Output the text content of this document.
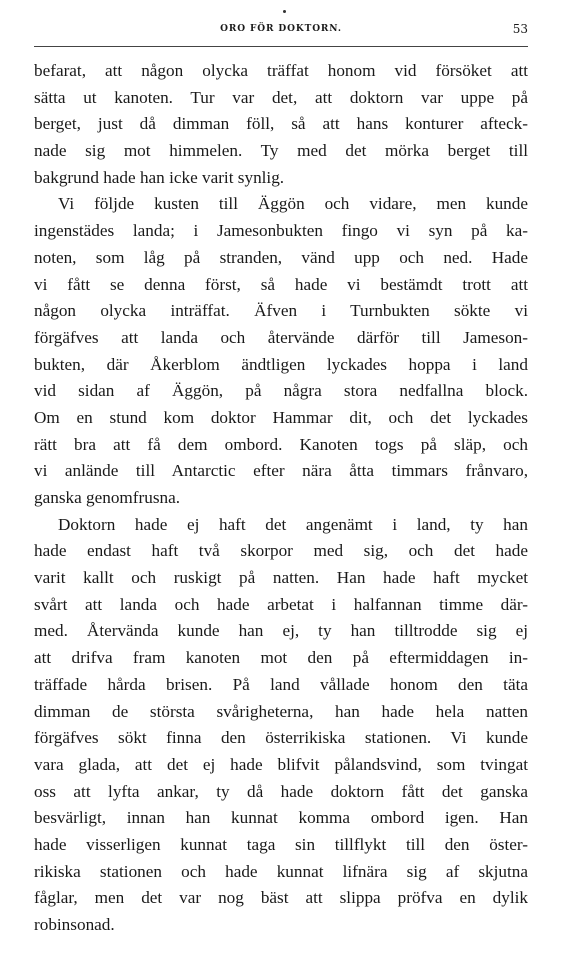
ORO FÖR DOKTORN.	53
befarat, att någon olycka träffat honom vid försöket att
sätta ut kanoten. Tur var det, att doktorn var uppe på
berget, just då dimman föll, så att hans konturer afteck-
nade sig mot himmelen. Ty med det mörka berget till
bakgrund hade han icke varit synlig.
Vi följde kusten till Äggön och vidare, men kunde
ingenstädes landa; i Jamesonbukten fingo vi syn på ka-
noten, som låg på stranden, vänd upp och ned. Hade
vi fått se denna först, så hade vi bestämdt trott att
någon olycka inträffat. Äfven i Turnbukten sökte vi
förgäfves att landa och återvände därför till Jameson-
bukten, där Åkerblom ändtligen lyckades hoppa i land
vid sidan af Äggön, på några stora nedfallna block.
Om en stund kom doktor Hammar dit, och det lyckades
rätt bra att få dem ombord. Kanoten togs på släp, och
vi anlände till Antarctic efter nära åtta timmars frånvaro,
ganska genomfrusna.
Doktorn hade ej haft det angenämt i land, ty han
hade endast haft två skorpor med sig, och det hade
varit kallt och ruskigt på natten. Han hade haft mycket
svårt att landa och hade arbetat i halfannan timme där-
med. Återvända kunde han ej, ty han tilltrodde sig ej
att drifva fram kanoten mot den på eftermiddagen in-
träffade hårda brisen. På land vållade honom den täta
dimman de största svårigheterna, han hade hela natten
förgäfves sökt finna den österrikiska stationen. Vi kunde
vara glada, att det ej hade blifvit pålandsvind, som tvingat
oss att lyfta ankar, ty då hade doktorn fått det ganska
besvärligt, innan han kunnat komma ombord igen. Han
hade visserligen kunnat taga sin tillflykt till den öster-
rikiska stationen och hade kunnat lifnära sig af skjutna
fåglar, men det var nog bäst att slippa pröfva en dylik
robinsonad.
